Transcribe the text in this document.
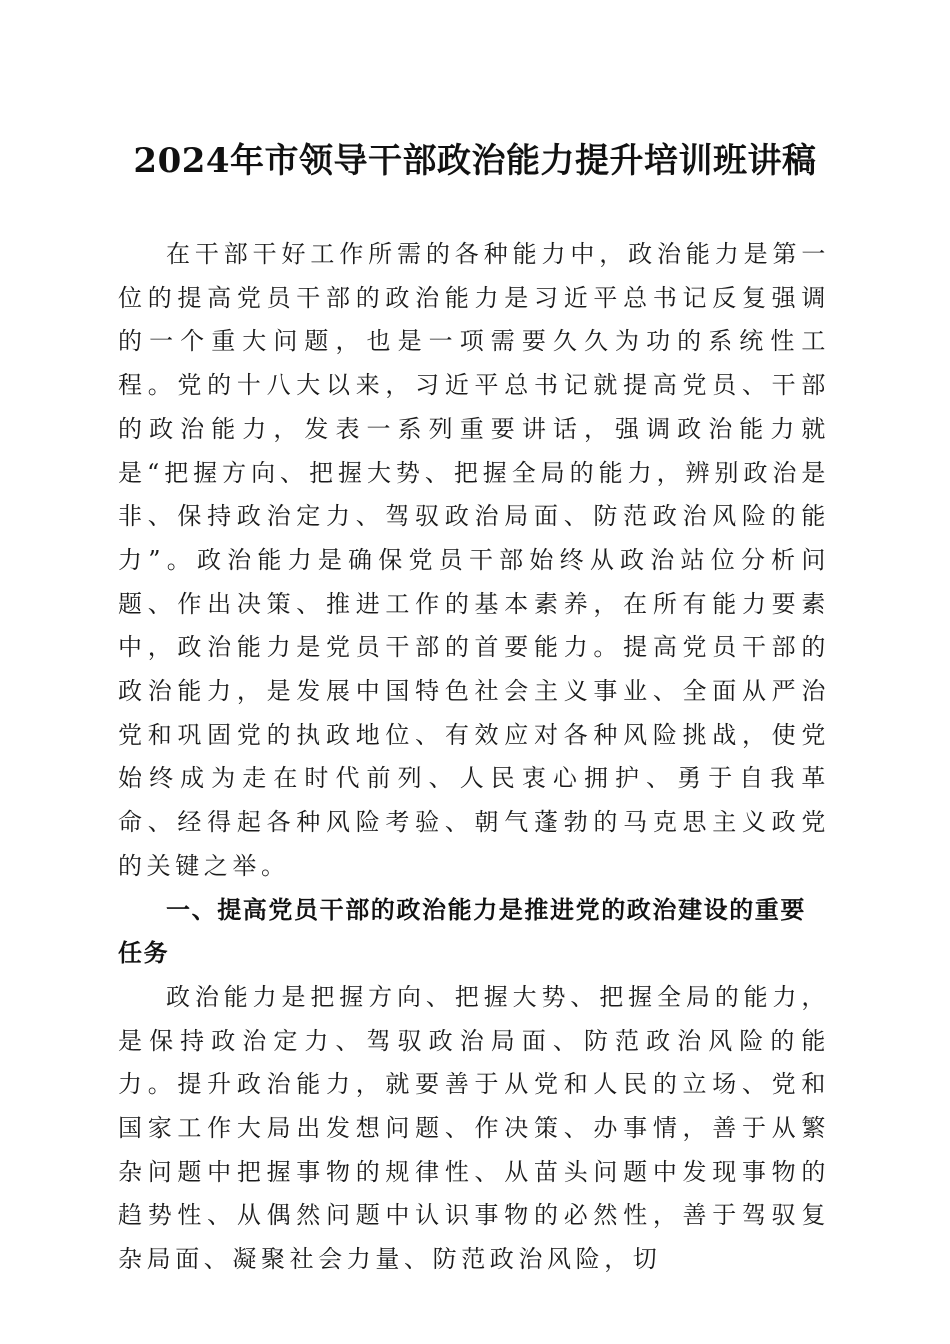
2024年市领导干部政治能力提升培训班讲稿

在干部干好工作所需的各种能力中，政治能力是第一位的提高党员干部的政治能力是习近平总书记反复强调的一个重大问题，也是一项需要久久为功的系统性工程。党的十八大以来，习近平总书记就提高党员、干部的政治能力，发表一系列重要讲话，强调政治能力就是“把握方向、把握大势、把握全局的能力，辨别政治是非、保持政治定力、驾驭政治局面、防范政治风险的能力”。政治能力是确保党员干部始终从政治站位分析问题、作出决策、推进工作的基本素养，在所有能力要素中，政治能力是党员干部的首要能力。提高党员干部的政治能力，是发展中国特色社会主义事业、全面从严治党和巩固党的执政地位、有效应对各种风险挑战，使党始终成为走在时代前列、人民衷心拥护、勇于自我革命、经得起各种风险考验、朝气蓬勃的马克思主义政党的关键之举。

一、提高党员干部的政治能力是推进党的政治建设的重要任务

政治能力是把握方向、把握大势、把握全局的能力，是保持政治定力、驾驭政治局面、防范政治风险的能力。提升政治能力，就要善于从党和人民的立场、党和国家工作大局出发想问题、作决策、办事情，善于从繁杂问题中把握事物的规律性、从苗头问题中发现事物的趋势性、从偶然问题中认识事物的必然性，善于驾驭复杂局面、凝聚社会力量、防范政治风险，切
